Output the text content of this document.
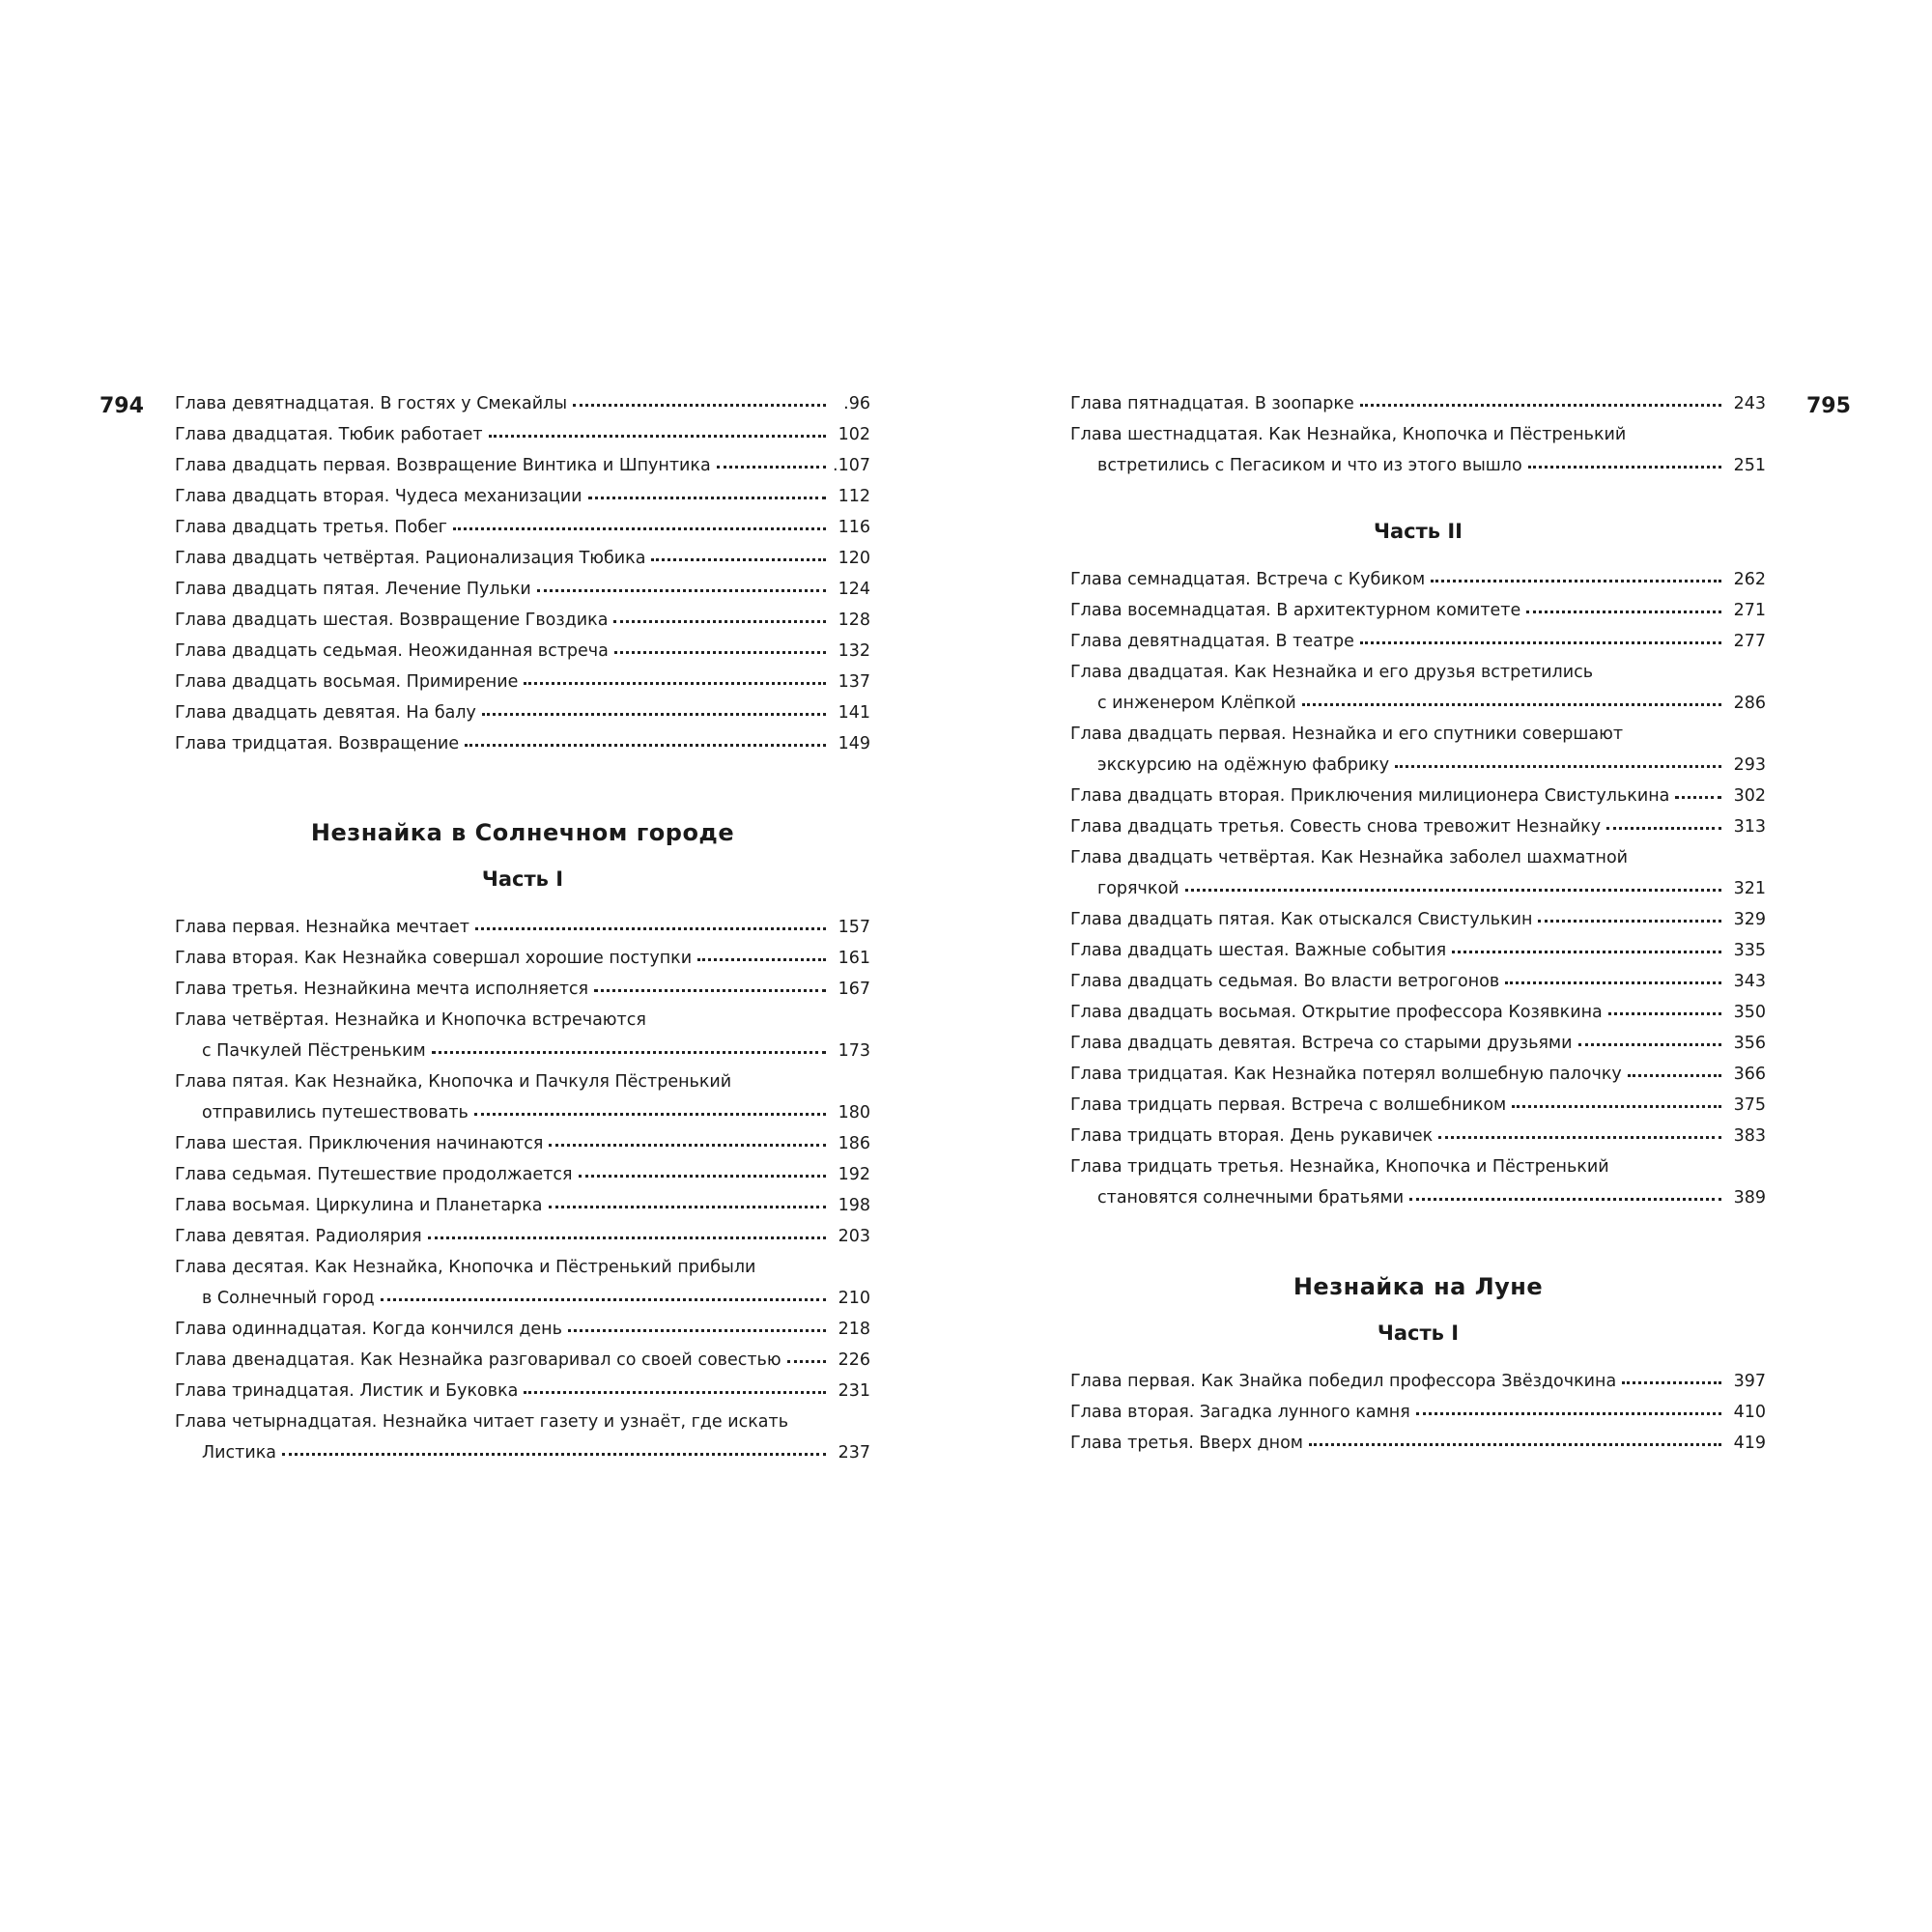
794	795
Глава девятнадцатая. В гостях у Смекайлы	.96
Глава двадцатая. Тюбик работает	102
Глава двадцать первая. Возвращение Винтика и Шпунтика	.107
Глава двадцать вторая. Чудеса механизации	112
Глава двадцать третья. Побег	116
Глава двадцать четвёртая. Рационализация Тюбика	120
Глава двадцать пятая. Лечение Пульки	124
Глава двадцать шестая. Возвращение Гвоздика	128
Глава двадцать седьмая. Неожиданная встреча	132
Глава двадцать восьмая. Примирение	137
Глава двадцать девятая. На балу	141
Глава тридцатая. Возвращение	149
Незнайка в Солнечном городе
Часть I
Глава первая. Незнайка мечтает	157
Глава вторая. Как Незнайка совершал хорошие поступки	161
Глава третья. Незнайкина мечта исполняется	167
Глава четвёртая. Незнайка и Кнопочка встречаются
с Пачкулей Пёстреньким	173
Глава пятая. Как Незнайка, Кнопочка и Пачкуля Пёстренький
отправились путешествовать	180
Глава шестая. Приключения начинаются	186
Глава седьмая. Путешествие продолжается	192
Глава восьмая. Циркулина и Планетарка	198
Глава девятая. Радиолярия	203
Глава десятая. Как Незнайка, Кнопочка и Пёстренький прибыли
в Солнечный город	210
Глава одиннадцатая. Когда кончился день	218
Глава двенадцатая. Как Незнайка разговаривал со своей совестью	226
Глава тринадцатая. Листик и Буковка	231
Глава четырнадцатая. Незнайка читает газету и узнаёт, где искать
Листика	237
Глава пятнадцатая. В зоопарке	243
Глава шестнадцатая. Как Незнайка, Кнопочка и Пёстренький
встретились с Пегасиком и что из этого вышло	251
Часть II
Глава семнадцатая. Встреча с Кубиком	262
Глава восемнадцатая. В архитектурном комитете	271
Глава девятнадцатая. В театре	277
Глава двадцатая. Как Незнайка и его друзья встретились
с инженером Клёпкой	286
Глава двадцать первая. Незнайка и его спутники совершают
экскурсию на одёжную фабрику	293
Глава двадцать вторая. Приключения милиционера Свистулькина	302
Глава двадцать третья. Совесть снова тревожит Незнайку	313
Глава двадцать четвёртая. Как Незнайка заболел шахматной
горячкой	321
Глава двадцать пятая. Как отыскался Свистулькин	329
Глава двадцать шестая. Важные события	335
Глава двадцать седьмая. Во власти ветрогонов	343
Глава двадцать восьмая. Открытие профессора Козявкина	350
Глава двадцать девятая. Встреча со старыми друзьями	356
Глава тридцатая. Как Незнайка потерял волшебную палочку	366
Глава тридцать первая. Встреча с волшебником	375
Глава тридцать вторая. День рукавичек	383
Глава тридцать третья. Незнайка, Кнопочка и Пёстренький
становятся солнечными братьями	389
Незнайка на Луне
Часть I
Глава первая. Как Знайка победил профессора Звёздочкина	397
Глава вторая. Загадка лунного камня	410
Глава третья. Вверх дном	419
